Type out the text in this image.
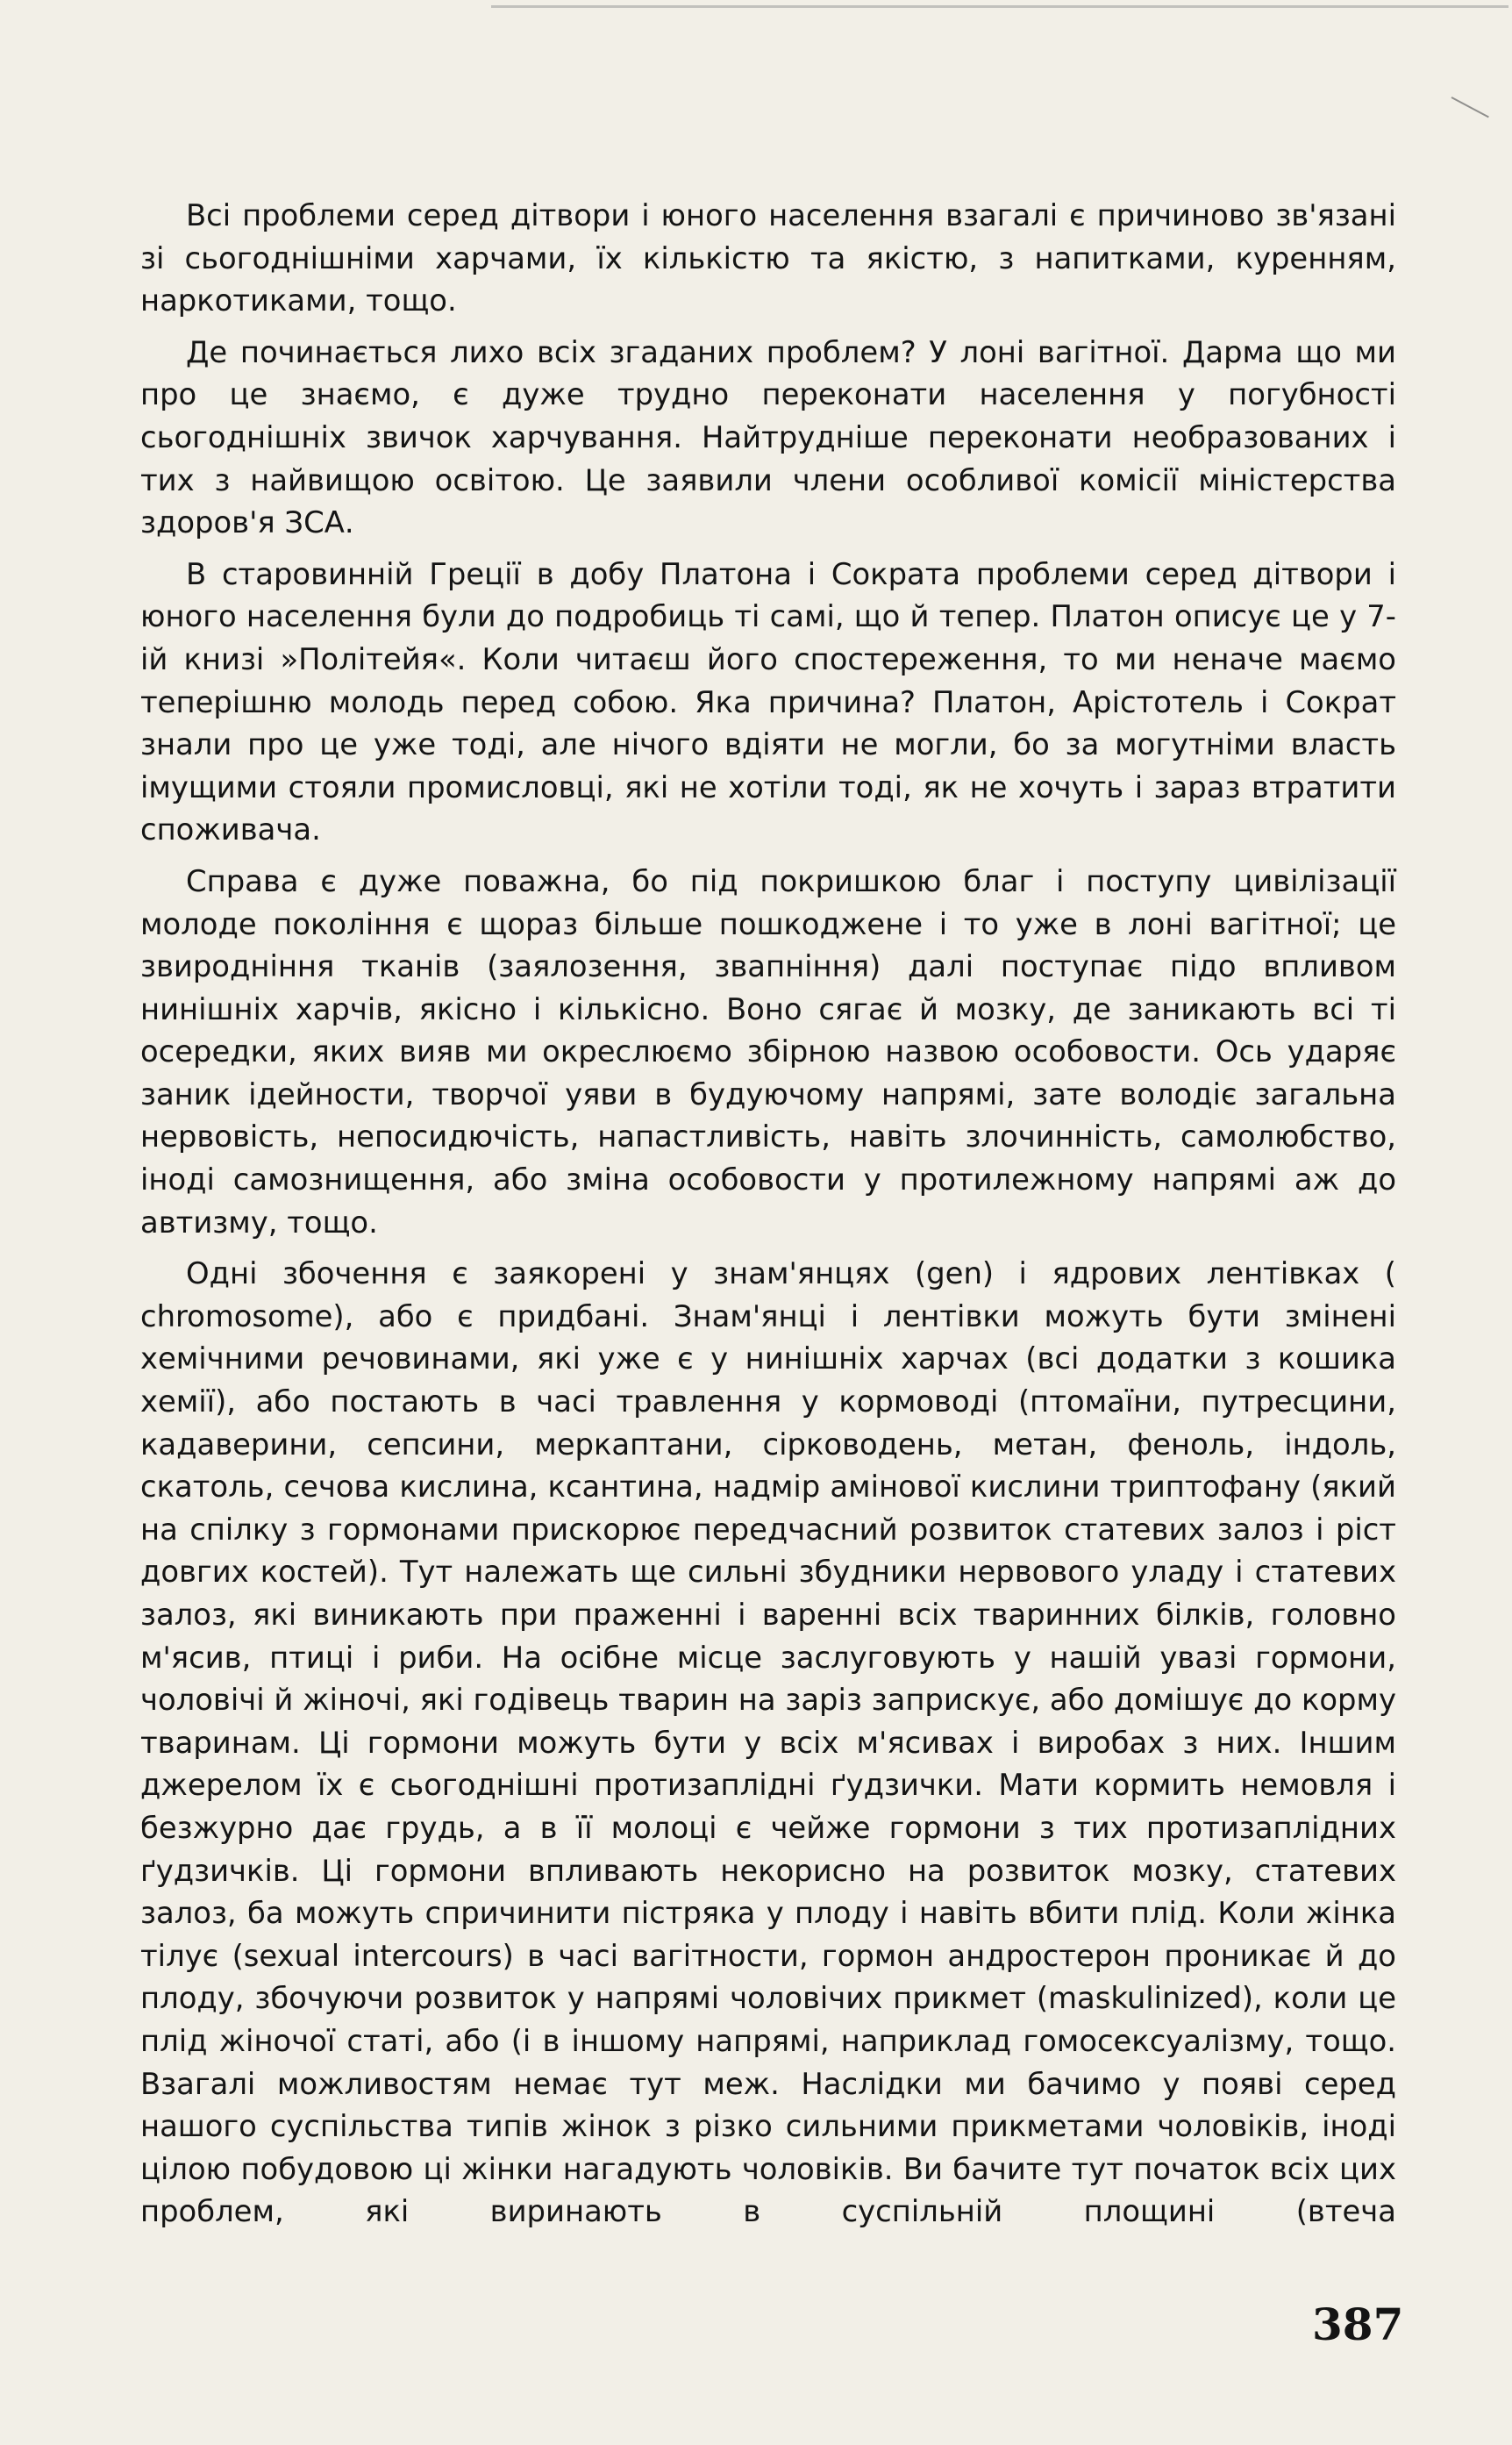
Всі проблеми серед дітвори і юного населення взагалі є причиново зв'язані зі сьогоднішніми харчами, їх кількістю та якістю, з напитками, куренням, наркотиками, тощо.

Де починається лихо всіх згаданих проблем? У лоні вагітної. Дарма що ми про це знаємо, є дуже трудно переконати населення у погубності сьогоднішніх звичок харчування. Найтрудніше переконати необразованих і тих з найвищою освітою. Це заявили члени особливої комісії міністерства здоров'я ЗСА.

В старовинній Греції в добу Платона і Сократа проблеми серед дітвори і юного населення були до подробиць ті самі, що й тепер. Платон описує це у 7-ій книзі »Політейя«. Коли читаєш його спостереження, то ми неначе маємо теперішню молодь перед собою. Яка причина? Платон, Арістотель і Сократ знали про це уже тоді, але нічого вдіяти не могли, бо за могутніми власть імущими стояли промисловці, які не хотіли тоді, як не хочуть і зараз втратити споживача.

Справа є дуже поважна, бо під покришкою благ і поступу цивілізації молоде покоління є щораз більше пошкоджене і то уже в лоні вагітної; це звироднiння тканів (заялозення, звапніння) далі поступає підо впливом нинішніх харчів, якісно і кількісно. Воно сягає й мозку, де заникають всі ті осередки, яких вияв ми окреслюємо збірною назвою особовости. Ось ударяє заник ідейности, творчої уяви в будуючому напрямі, зате володіє загальна нервовість, непосидючість, напастливість, навіть злочинність, самолюбство, іноді самознищення, або зміна особовости у протилежному напрямі аж до автизму, тощо.

Одні збочення є заякорені у знам'янцях (gen) і ядрових лентівках ( chromosome), або є придбані. Знам'янці і лентівки можуть бути змінені хемічними речовинами, які уже є у нинішніх харчах (всі додатки з кошика хемії), або постають в часі травлення у кормоводі (птомаїни, путресцини, кадаверини, сепсини, меркаптани, сірководень, метан, феноль, індоль, скатоль, сечова кислина, ксантина, надмір амінової кислини триптофану (який на спілку з гормонами прискорює передчасний розвиток статевих залоз і ріст довгих костей). Тут належать ще сильні збудники нервового уладу і статевих залоз, які виникають при праженні і варенні всіх тваринних білків, головно м'ясив, птиці і риби. На осібне місце заслуговують у нашій увазі гормони, чоловічі й жіночі, які годівець тварин на заріз заприскує, або домішує до корму тваринам. Ці гормони можуть бути у всіх м'ясивах і виробах з них. Іншим джерелом їх є сьогоднішні протизаплідні ґудзички. Мати кормить немовля і безжурно дає грудь, а в її молоці є чейже гормони з тих протизаплідних ґудзичків. Ці гормони впливають некорисно на розвиток мозку, статевих залоз, ба можуть спричинити пістряка у плоду і навіть вбити плід. Коли жінка тілує (sexual intercours) в часі вагітности, гормон андростерон проникає й до плоду, збочуючи розвиток у напрямі чоловічих прикмет (maskulinized), коли це плід жіночої статі, або (і в іншому напрямі, наприклад гомосексуалізму, тощо. Взагалі можливостям немає тут меж. Наслідки ми бачимо у появі серед нашого суспільства типів жінок з різко сильними прикметами чоловіків, іноді цілою побудовою ці жінки нагадують чоловіків. Ви бачите тут початок всіх цих проблем, які виринають в суспільній площині (втеча

387
